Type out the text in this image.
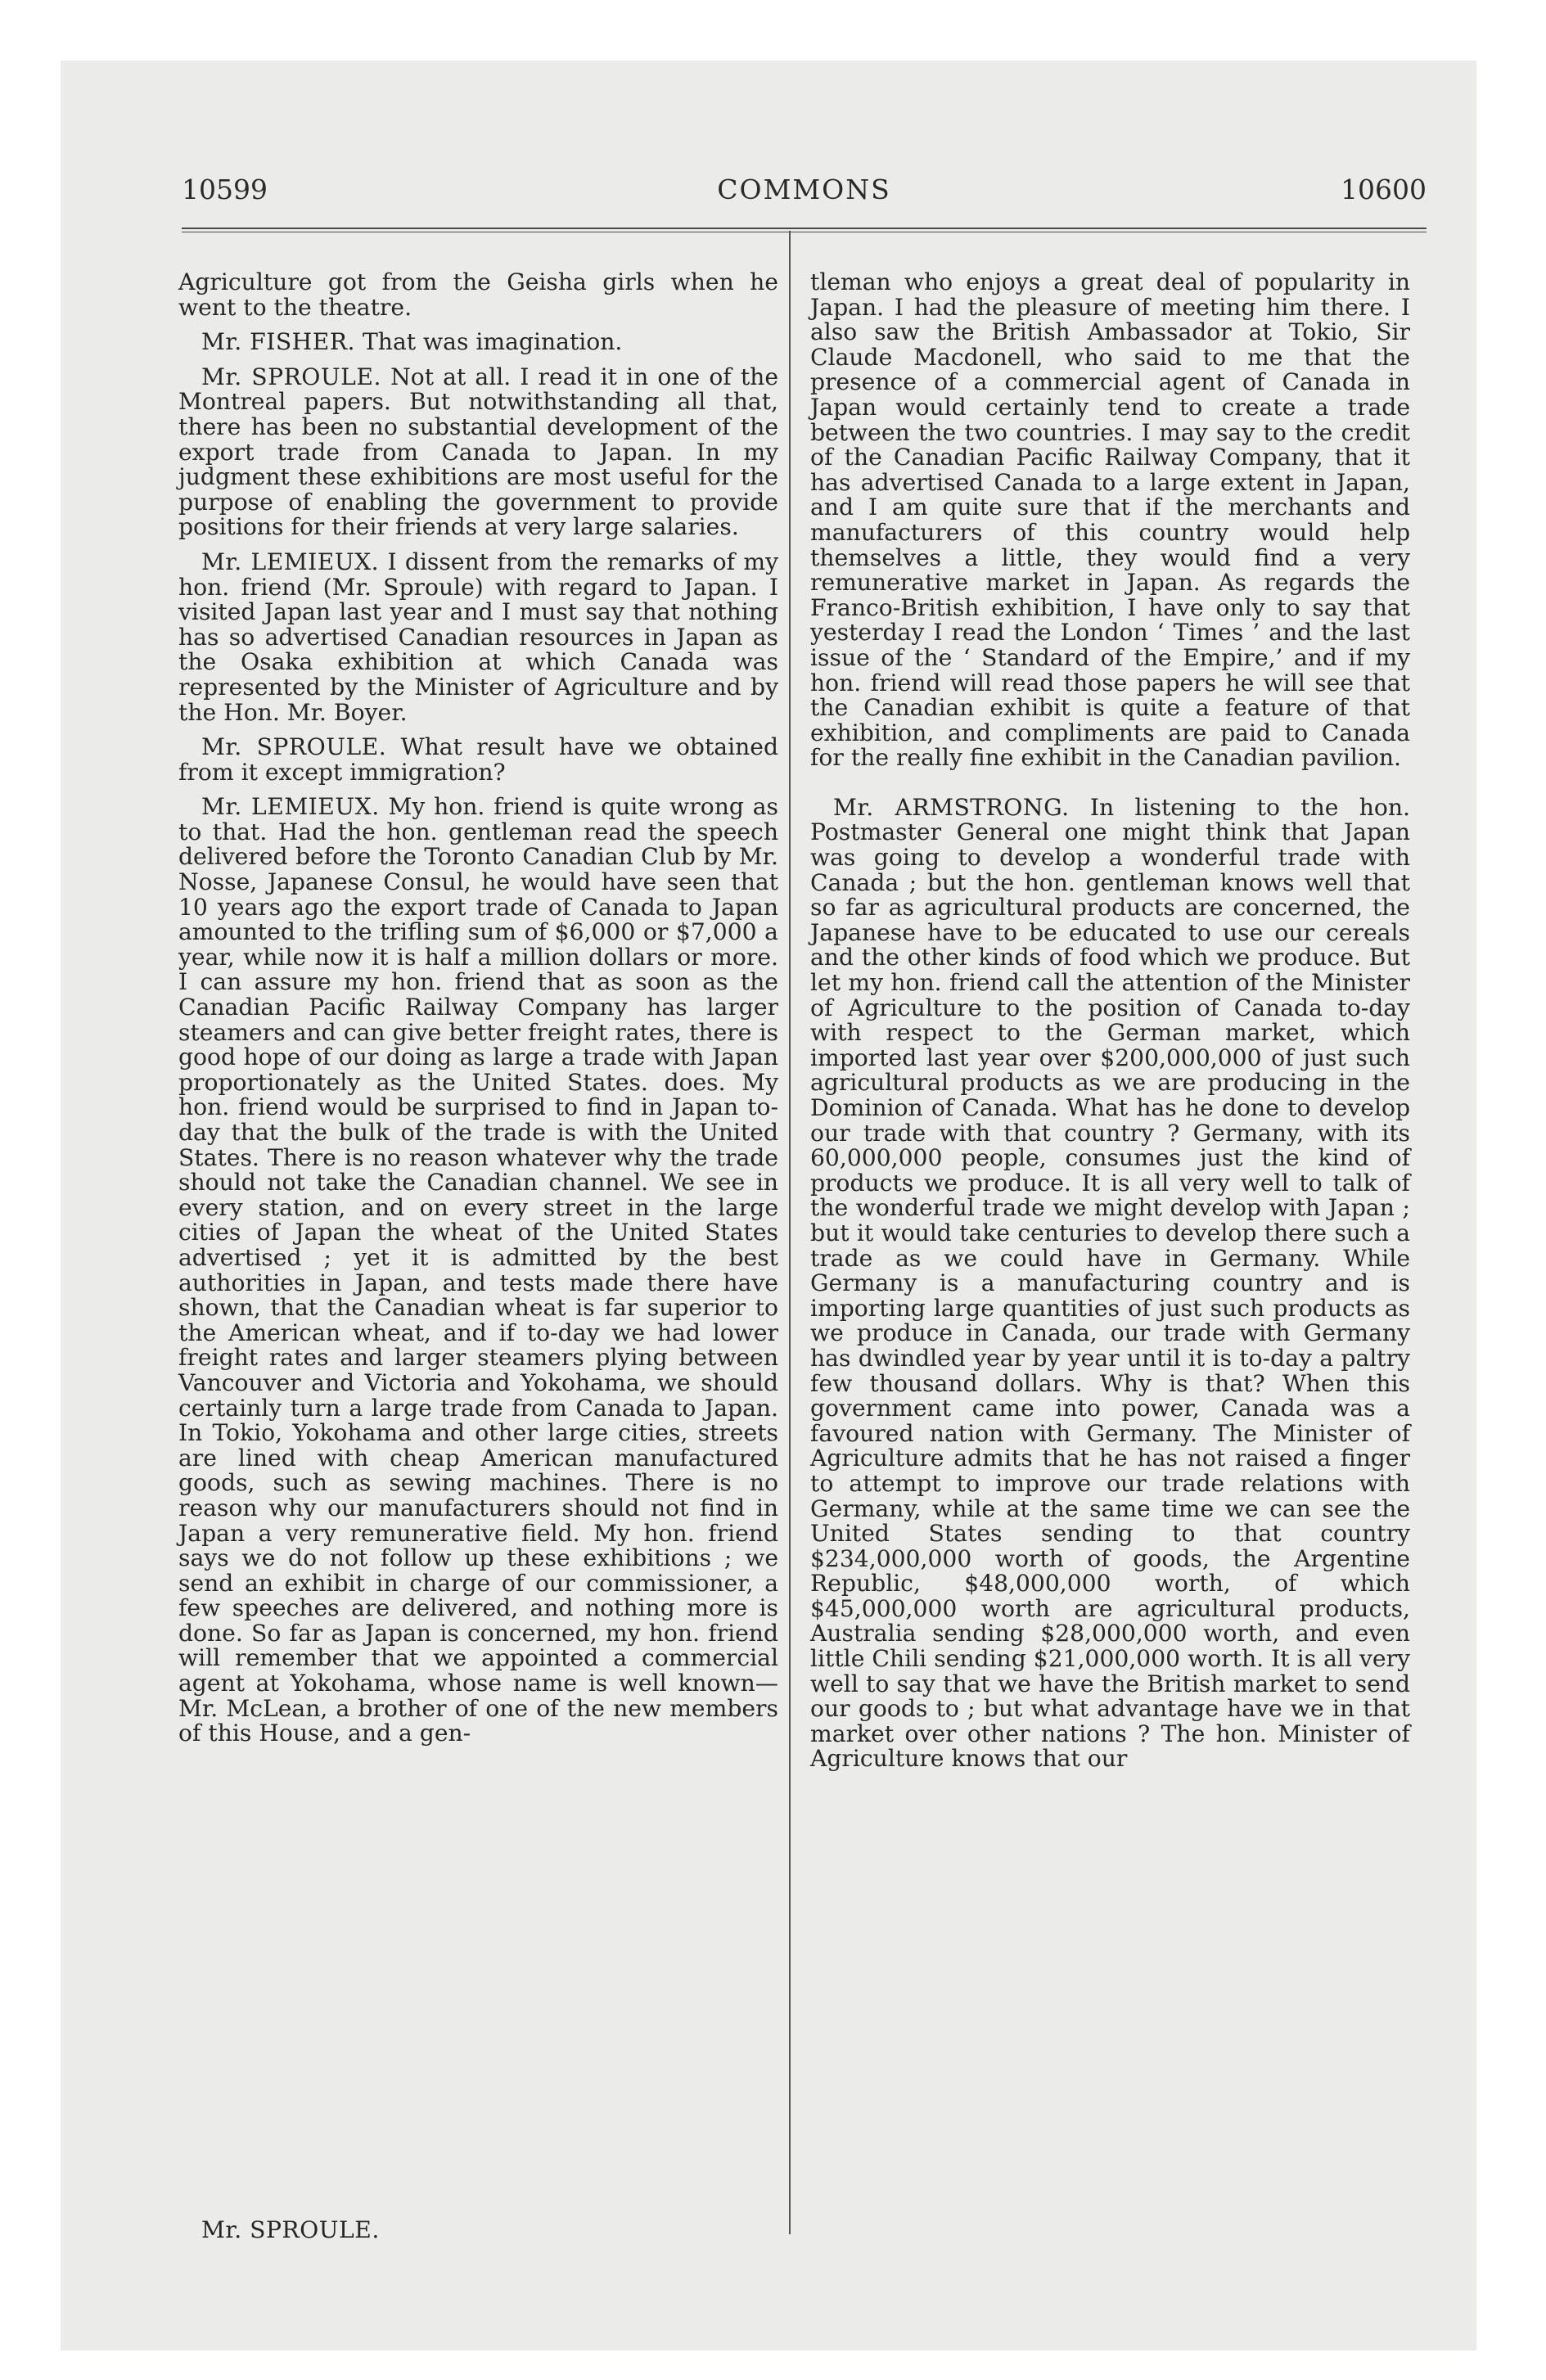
10599	COMMONS	10600

Agriculture got from the Geisha girls when he went to the theatre.

Mr. FISHER. That was imagination.

Mr. SPROULE. Not at all. I read it in one of the Montreal papers. But notwithstanding all that, there has been no substantial development of the export trade from Canada to Japan. In my judgment these exhibitions are most useful for the purpose of enabling the government to provide positions for their friends at very large salaries.

Mr. LEMIEUX. I dissent from the remarks of my hon. friend (Mr. Sproule) with regard to Japan. I visited Japan last year and I must say that nothing has so advertised Canadian resources in Japan as the Osaka exhibition at which Canada was represented by the Minister of Agriculture and by the Hon. Mr. Boyer.

Mr. SPROULE. What result have we obtained from it except immigration?

Mr. LEMIEUX. My hon. friend is quite wrong as to that. Had the hon. gentleman read the speech delivered before the Toronto Canadian Club by Mr. Nosse, Japanese Consul, he would have seen that 10 years ago the export trade of Canada to Japan amounted to the trifling sum of $6,000 or $7,000 a year, while now it is half a million dollars or more. I can assure my hon. friend that as soon as the Canadian Pacific Railway Company has larger steamers and can give better freight rates, there is good hope of our doing as large a trade with Japan proportionately as the United States. does. My hon. friend would be surprised to find in Japan to-day that the bulk of the trade is with the United States. There is no reason whatever why the trade should not take the Canadian channel. We see in every station, and on every street in the large cities of Japan the wheat of the United States advertised ; yet it is admitted by the best authorities in Japan, and tests made there have shown, that the Canadian wheat is far superior to the American wheat, and if to-day we had lower freight rates and larger steamers plying between Vancouver and Victoria and Yokohama, we should certainly turn a large trade from Canada to Japan. In Tokio, Yokohama and other large cities, streets are lined with cheap American manufactured goods, such as sewing machines. There is no reason why our manufacturers should not find in Japan a very remunerative field. My hon. friend says we do not follow up these exhibitions ; we send an exhibit in charge of our commissioner, a few speeches are delivered, and nothing more is done. So far as Japan is concerned, my hon. friend will remember that we appointed a commercial agent at Yokohama, whose name is well known—Mr. McLean, a brother of one of the new members of this House, and a gen-

Mr. SPROULE.

tleman who enjoys a great deal of popularity in Japan. I had the pleasure of meeting him there. I also saw the British Ambassador at Tokio, Sir Claude Macdonell, who said to me that the presence of a commercial agent of Canada in Japan would certainly tend to create a trade between the two countries. I may say to the credit of the Canadian Pacific Railway Company, that it has advertised Canada to a large extent in Japan, and I am quite sure that if the merchants and manufacturers of this country would help themselves a little, they would find a very remunerative market in Japan. As regards the Franco-British exhibition, I have only to say that yesterday I read the London ‘ Times ’ and the last issue of the ‘ Standard of the Empire,’ and if my hon. friend will read those papers he will see that the Canadian exhibit is quite a feature of that exhibition, and compliments are paid to Canada for the really fine exhibit in the Canadian pavilion.

Mr. ARMSTRONG. In listening to the hon. Postmaster General one might think that Japan was going to develop a wonderful trade with Canada ; but the hon. gentleman knows well that so far as agricultural products are concerned, the Japanese have to be educated to use our cereals and the other kinds of food which we produce. But let my hon. friend call the attention of the Minister of Agriculture to the position of Canada to-day with respect to the German market, which imported last year over $200,000,000 of just such agricultural products as we are producing in the Dominion of Canada. What has he done to develop our trade with that country ? Germany, with its 60,000,000 people, consumes just the kind of products we produce. It is all very well to talk of the wonderful trade we might develop with Japan ; but it would take centuries to develop there such a trade as we could have in Germany. While Germany is a manufacturing country and is importing large quantities of just such products as we produce in Canada, our trade with Germany has dwindled year by year until it is to-day a paltry few thousand dollars. Why is that? When this government came into power, Canada was a favoured nation with Germany. The Minister of Agriculture admits that he has not raised a finger to attempt to improve our trade relations with Germany, while at the same time we can see the United States sending to that country $234,000,000 worth of goods, the Argentine Republic, $48,000,000 worth, of which $45,000,000 worth are agricultural products, Australia sending $28,000,000 worth, and even little Chili sending $21,000,000 worth. It is all very well to say that we have the British market to send our goods to ; but what advantage have we in that market over other nations ? The hon. Minister of Agriculture knows that our
